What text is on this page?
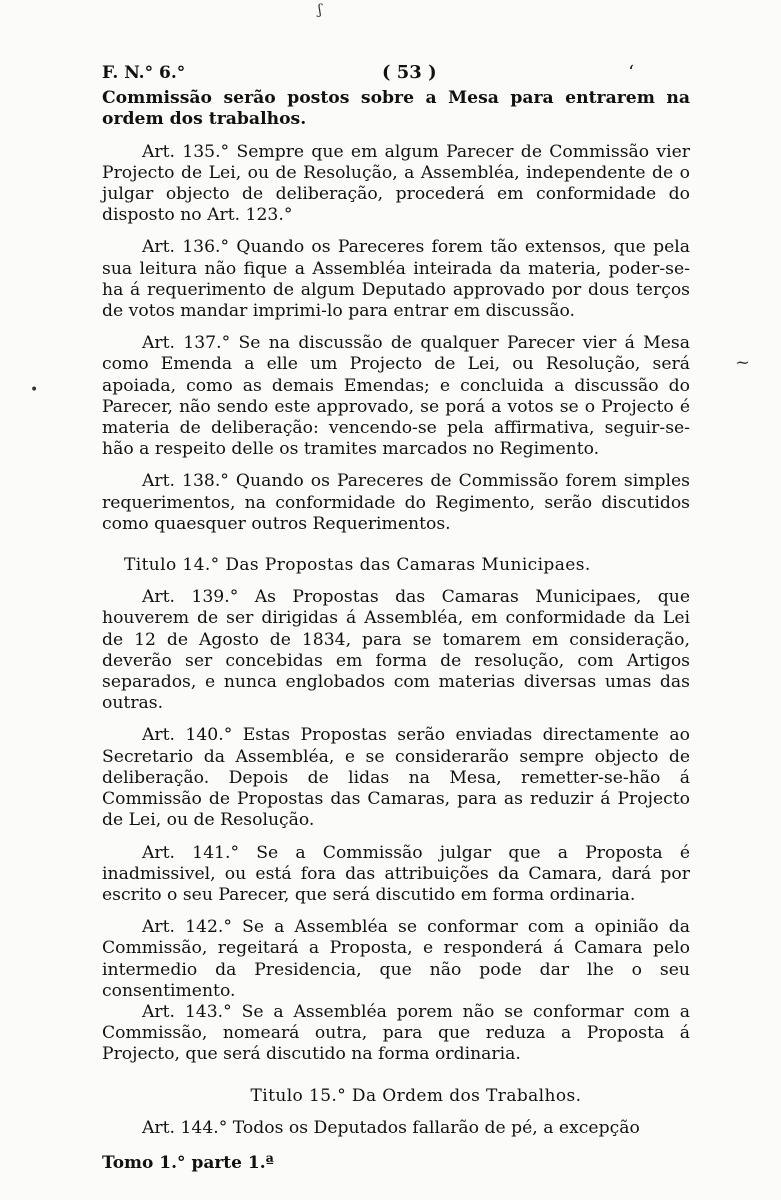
ʃ
•
~
F. N.° 6.°	( 53 )	‘

Commissão serão postos sobre a Mesa para entrarem na ordem dos trabalhos.

Art. 135.° Sempre que em algum Parecer de Commissão vier Projecto de Lei, ou de Resolução, a Assembléa, independente de o julgar objecto de deliberação, procederá em conformidade do disposto no Art. 123.°

Art. 136.° Quando os Pareceres forem tão extensos, que pela sua leitura não fique a Assembléa inteirada da materia, poder-se-ha á requerimento de algum Deputado approvado por dous terços de votos mandar imprimi-lo para entrar em discussão.

Art. 137.° Se na discussão de qualquer Parecer vier á Mesa como Emenda a elle um Projecto de Lei, ou Resolução, será apoiada, como as demais Emendas; e concluida a discussão do Parecer, não sendo este approvado, se porá a votos se o Projecto é materia de deliberação: vencendo-se pela affirmativa, seguir-se-hão a respeito delle os tramites marcados no Regimento.

Art. 138.° Quando os Pareceres de Commissão forem simples requerimentos, na conformidade do Regimento, serão discutidos como quaesquer outros Requerimentos.

Titulo 14.° Das Propostas das Camaras Municipaes.

Art. 139.° As Propostas das Camaras Municipaes, que houverem de ser dirigidas á Assembléa, em conformidade da Lei de 12 de Agosto de 1834, para se tomarem em consideração, deverão ser concebidas em forma de resolução, com Artigos separados, e nunca englobados com materias diversas umas das outras.

Art. 140.° Estas Propostas serão enviadas directamente ao Secretario da Assembléa, e se considerarão sempre objecto de deliberação. Depois de lidas na Mesa, remetter-se-hão á Commissão de Propostas das Camaras, para as reduzir á Projecto de Lei, ou de Resolução.

Art. 141.° Se a Commissão julgar que a Proposta é inadmissivel, ou está fora das attribuições da Camara, dará por escrito o seu Parecer, que será discutido em forma ordinaria.

Art. 142.° Se a Assembléa se conformar com a opinião da Commissão, regeitará a Proposta, e responderá á Camara pelo intermedio da Presidencia, que não pode dar lhe o seu consentimento.

Art. 143.° Se a Assembléa porem não se conformar com a Commissão, nomeará outra, para que reduza a Proposta á Projecto, que será discutido na forma ordinaria.

Titulo 15.° Da Ordem dos Trabalhos.

Art. 144.° Todos os Deputados fallarão de pé, a excepção

Tomo 1.° parte 1.ª
